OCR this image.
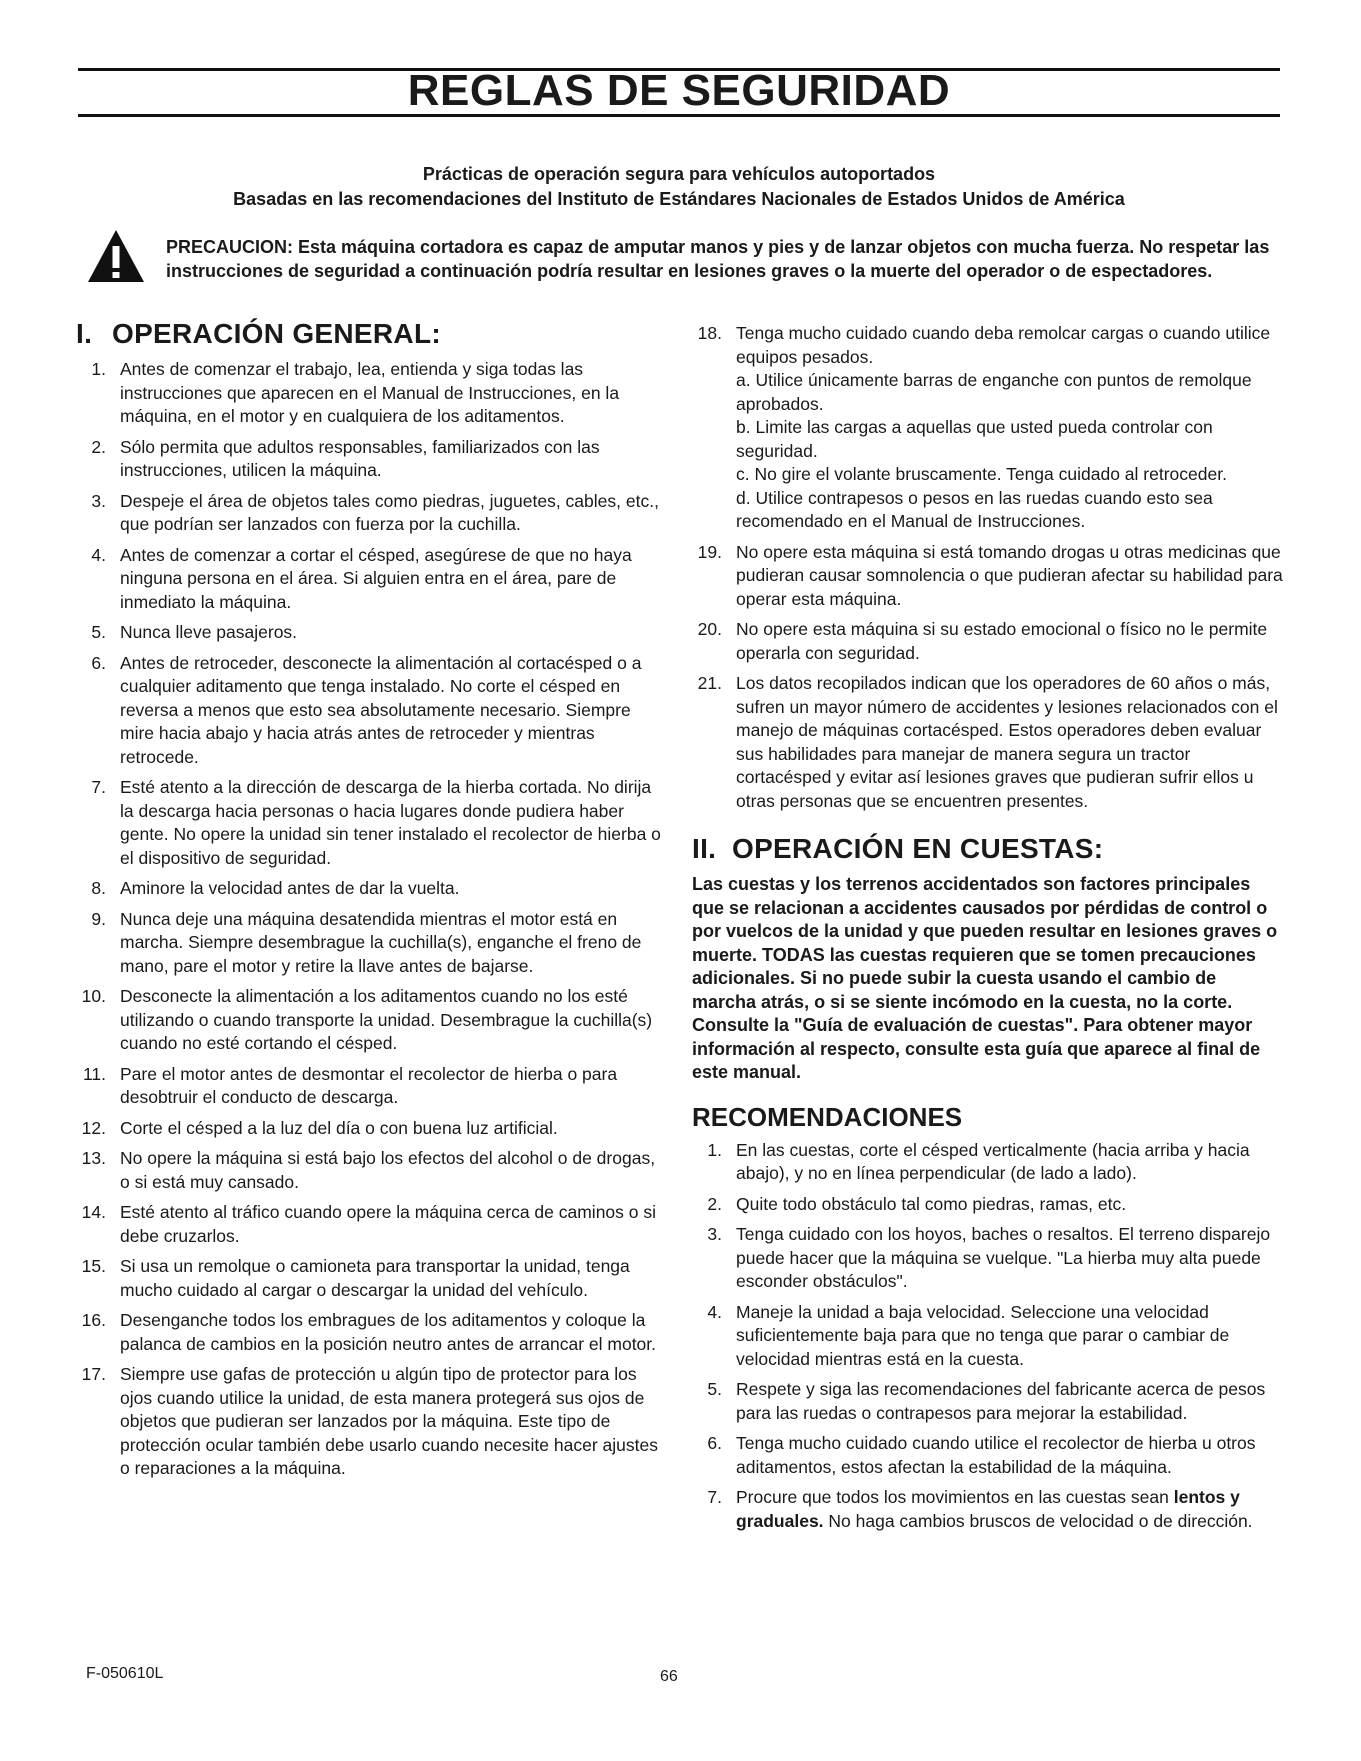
REGLAS DE SEGURIDAD

Prácticas de operación segura para vehículos autoportados

Basadas en las recomendaciones del Instituto de Estándares Nacionales de Estados Unidos de América

PRECAUCION: Esta máquina cortadora es capaz de amputar manos y pies y de lanzar objetos con mucha fuerza. No respetar las instrucciones de seguridad a continuación podría resultar en lesiones graves o la muerte del operador o de espectadores.

I. OPERACIÓN GENERAL:
1 . Antes de comenzar el trabajo, lea, entienda y siga todas las instrucciones que aparecen en el Manual de Instrucciones, en la máquina, en el motor y en cualquiera de los aditamentos.
2 . Sólo permita que adultos responsables, familiarizados con las instrucciones, utilicen la máquina.
3 . Despeje el área de objetos tales como piedras, juguetes, cables, etc., que podrían ser lanzados con fuerza por la cuchilla.
4 . Antes de comenzar a cortar el césped, asegúrese de que no haya ninguna persona en el área. Si alguien entra en el área, pare de inmediato la máquina.
5 . Nunca lleve pasajeros.
6 . Antes de retroceder, desconecte la alimentación al cortacésped o a cualquier aditamento que tenga instalado. No corte el césped en reversa a menos que esto sea absolutamente necesario. Siempre mire hacia abajo y hacia atrás antes de retroceder y mientras retrocede.
7 . Esté atento a la dirección de descarga de la hierba cortada. No dirija la descarga hacia personas o hacia lugares donde pudiera haber gente. No opere la unidad sin tener instalado el recolector de hierba o el dispositivo de seguridad.
8 . Aminore la velocidad antes de dar la vuelta.
9 . Nunca deje una máquina desatendida mientras el motor está en marcha. Siempre desembrague la cuchilla(s), enganche el freno de mano, pare el motor y retire la llave antes de bajarse.
10 . Desconecte la alimentación a los aditamentos cuando no los esté utilizando o cuando transporte la unidad. Desembrague la cuchilla(s) cuando no esté cortando el césped.
11 . Pare el motor antes de desmontar el recolector de hierba o para desobtruir el conducto de descarga.
12 . Corte el césped a la luz del día o con buena luz artificial.
13 . No opere la máquina si está bajo los efectos del alcohol o de drogas, o si está muy cansado.
14 . Esté atento al tráfico cuando opere la máquina cerca de caminos o si debe cruzarlos.
15 . Si usa un remolque o camioneta para transportar la unidad, tenga mucho cuidado al cargar o descargar la unidad del vehículo.
16 . Desenganche todos los embragues de los aditamentos y coloque la palanca de cambios en la posición neutro antes de arrancar el motor.
17 . Siempre use gafas de protección u algún tipo de protector para los ojos cuando utilice la unidad, de esta manera protegerá sus ojos de objetos que pudieran ser lanzados por la máquina. Este tipo de protección ocular también debe usarlo cuando necesite hacer ajustes o reparaciones a la máquina.
18 . Tenga mucho cuidado cuando deba remolcar cargas o cuando utilice equipos pesados.
a. Utilice únicamente barras de enganche con puntos de remolque aprobados.
b. Limite las cargas a aquellas que usted pueda controlar con seguridad.
c. No gire el volante bruscamente. Tenga cuidado al retroceder.
d. Utilice contrapesos o pesos en las ruedas cuando esto sea recomendado en el Manual de Instrucciones.
19 . No opere esta máquina si está tomando drogas u otras medicinas que pudieran causar somnolencia o que pudieran afectar su habilidad para operar esta máquina.
20 . No opere esta máquina si su estado emocional o físico no le permite operarla con seguridad.
21 . Los datos recopilados indican que los operadores de 60 años o más, sufren un mayor número de accidentes y lesiones relacionados con el manejo de máquinas cortacésped. Estos operadores deben evaluar sus habilidades para manejar de manera segura un tractor cortacésped y evitar así lesiones graves que pudieran sufrir ellos u otras personas que se encuentren presentes.
II. OPERACIÓN EN CUESTAS:

Las cuestas y los terrenos accidentados son factores principales que se relacionan a accidentes causados por pérdidas de control o por vuelcos de la unidad y que pueden resultar en lesiones graves o muerte. TODAS las cuestas requieren que se tomen precauciones adicionales. Si no puede subir la cuesta usando el cambio de marcha atrás, o si se siente incómodo en la cuesta, no la corte. Consulte la "Guía de evaluación de cuestas". Para obtener mayor información al respecto, consulte esta guía que aparece al final de este manual.

RECOMENDACIONES
1 . En las cuestas, corte el césped verticalmente (hacia arriba y hacia abajo), y no en línea perpendicular (de lado a lado).
2 . Quite todo obstáculo tal como piedras, ramas, etc.
3 . Tenga cuidado con los hoyos, baches o resaltos. El terreno disparejo puede hacer que la máquina se vuelque. "La hierba muy alta puede esconder obstáculos".
4 . Maneje la unidad a baja velocidad. Seleccione una velocidad suficientemente baja para que no tenga que parar o cambiar de velocidad mientras está en la cuesta.
5 . Respete y siga las recomendaciones del fabricante acerca de pesos para las ruedas o contrapesos para mejorar la estabilidad.
6 . Tenga mucho cuidado cuando utilice el recolector de hierba u otros aditamentos, estos afectan la estabilidad de la máquina.
7 . Procure que todos los movimientos en las cuestas sean lentos y graduales. No haga cambios bruscos de velocidad o de dirección.

F-050610L	66
